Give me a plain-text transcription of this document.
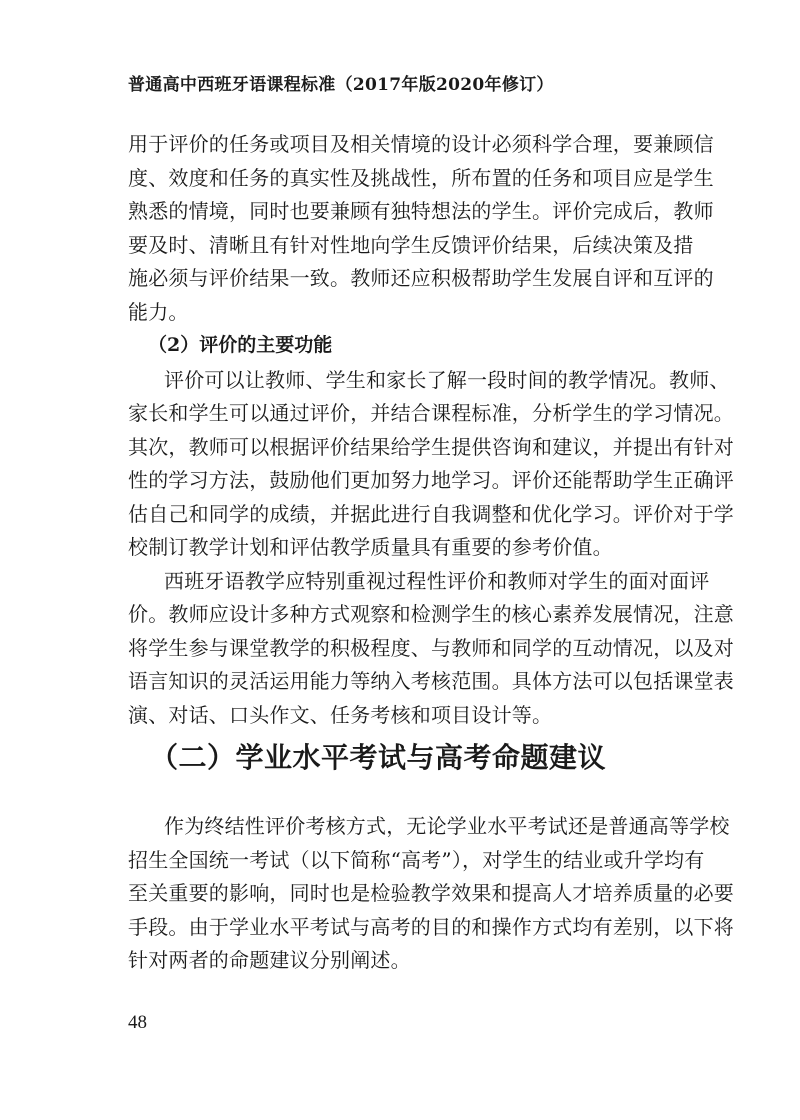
普通高中西班牙语课程标准（2017年版2020年修订）
用于评价的任务或项目及相关情境的设计必须科学合理，要兼顾信
度、效度和任务的真实性及挑战性，所布置的任务和项目应是学生
熟悉的情境，同时也要兼顾有独特想法的学生。评价完成后，教师
要及时、清晰且有针对性地向学生反馈评价结果，后续决策及措
施必须与评价结果一致。教师还应积极帮助学生发展自评和互评的
能力。
（2）评价的主要功能
评价可以让教师、学生和家长了解一段时间的教学情况。教师、
家长和学生可以通过评价，并结合课程标准，分析学生的学习情况。
其次，教师可以根据评价结果给学生提供咨询和建议，并提出有针对
性的学习方法，鼓励他们更加努力地学习。评价还能帮助学生正确评
估自己和同学的成绩，并据此进行自我调整和优化学习。评价对于学
校制订教学计划和评估教学质量具有重要的参考价值。
西班牙语教学应特别重视过程性评价和教师对学生的面对面评
价。教师应设计多种方式观察和检测学生的核心素养发展情况，注意
将学生参与课堂教学的积极程度、与教师和同学的互动情况，以及对
语言知识的灵活运用能力等纳入考核范围。具体方法可以包括课堂表
演、对话、口头作文、任务考核和项目设计等。
（二）学业水平考试与高考命题建议
作为终结性评价考核方式，无论学业水平考试还是普通高等学校
招生全国统一考试（以下简称“高考”），对学生的结业或升学均有
至关重要的影响，同时也是检验教学效果和提高人才培养质量的必要
手段。由于学业水平考试与高考的目的和操作方式均有差别，以下将
针对两者的命题建议分别阐述。
48
